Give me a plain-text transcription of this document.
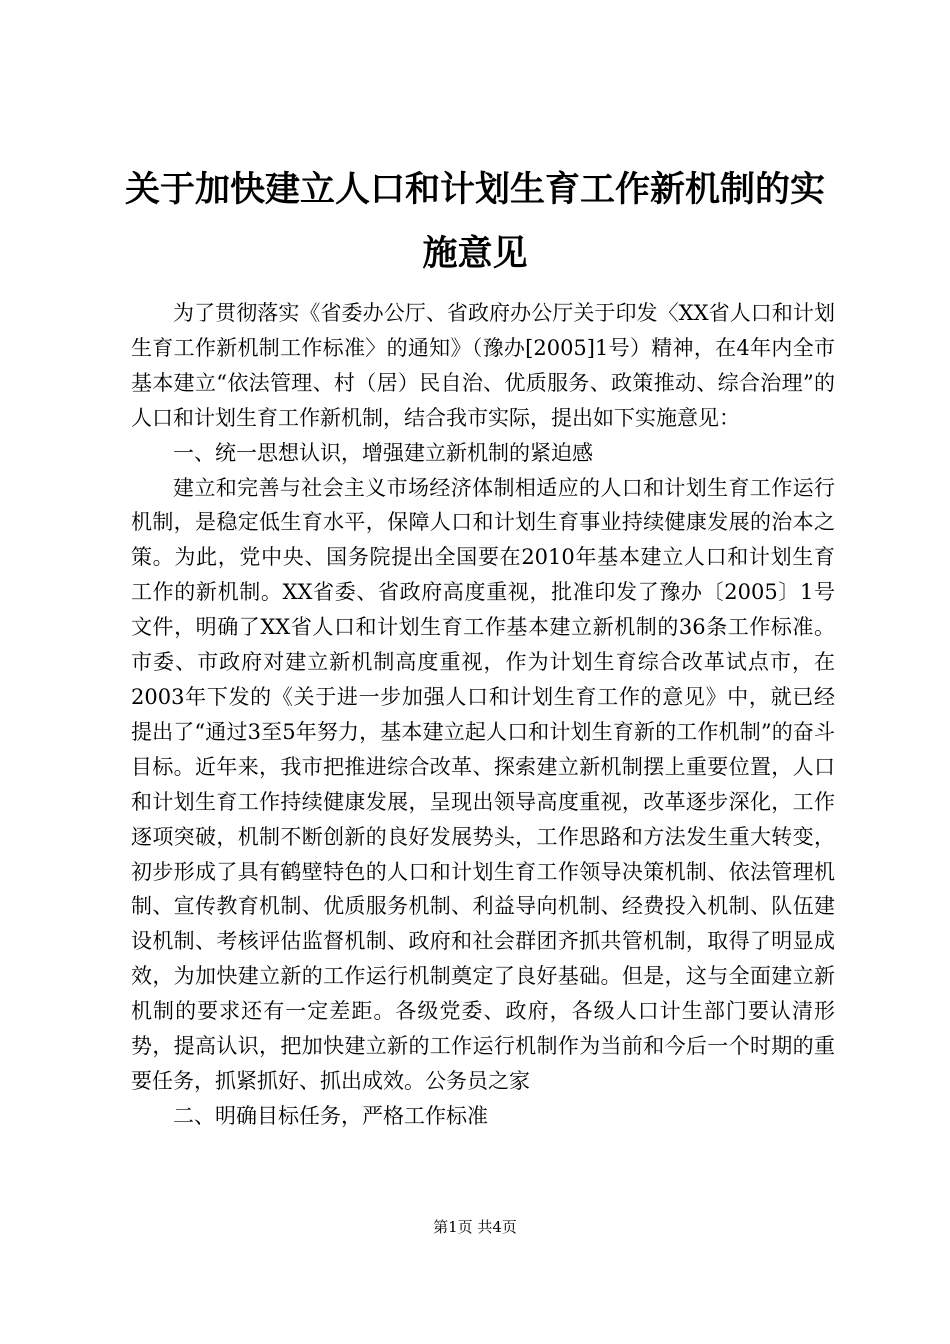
关于加快建立人口和计划生育工作新机制的实施意见

为了贯彻落实《省委办公厅、省政府办公厅关于印发〈XX省人口和计划生育工作新机制工作标准〉的通知》（豫办[2005]1号）精神，在4年内全市基本建立“依法管理、村（居）民自治、优质服务、政策推动、综合治理”的人口和计划生育工作新机制，结合我市实际，提出如下实施意见：

一、统一思想认识，增强建立新机制的紧迫感

建立和完善与社会主义市场经济体制相适应的人口和计划生育工作运行机制，是稳定低生育水平，保障人口和计划生育事业持续健康发展的治本之策。为此，党中央、国务院提出全国要在2010年基本建立人口和计划生育工作的新机制。XX省委、省政府高度重视，批准印发了豫办〔2005〕1号文件，明确了XX省人口和计划生育工作基本建立新机制的36条工作标准。市委、市政府对建立新机制高度重视，作为计划生育综合改革试点市，在2003年下发的《关于进一步加强人口和计划生育工作的意见》中，就已经提出了“通过3至5年努力，基本建立起人口和计划生育新的工作机制”的奋斗目标。近年来，我市把推进综合改革、探索建立新机制摆上重要位置，人口和计划生育工作持续健康发展，呈现出领导高度重视，改革逐步深化，工作逐项突破，机制不断创新的良好发展势头，工作思路和方法发生重大转变，初步形成了具有鹤壁特色的人口和计划生育工作领导决策机制、依法管理机制、宣传教育机制、优质服务机制、利益导向机制、经费投入机制、队伍建设机制、考核评估监督机制、政府和社会群团齐抓共管机制，取得了明显成效，为加快建立新的工作运行机制奠定了良好基础。但是，这与全面建立新机制的要求还有一定差距。各级党委、政府，各级人口计生部门要认清形势，提高认识，把加快建立新的工作运行机制作为当前和今后一个时期的重要任务，抓紧抓好、抓出成效。公务员之家

二、明确目标任务，严格工作标准

第1页 共4页
